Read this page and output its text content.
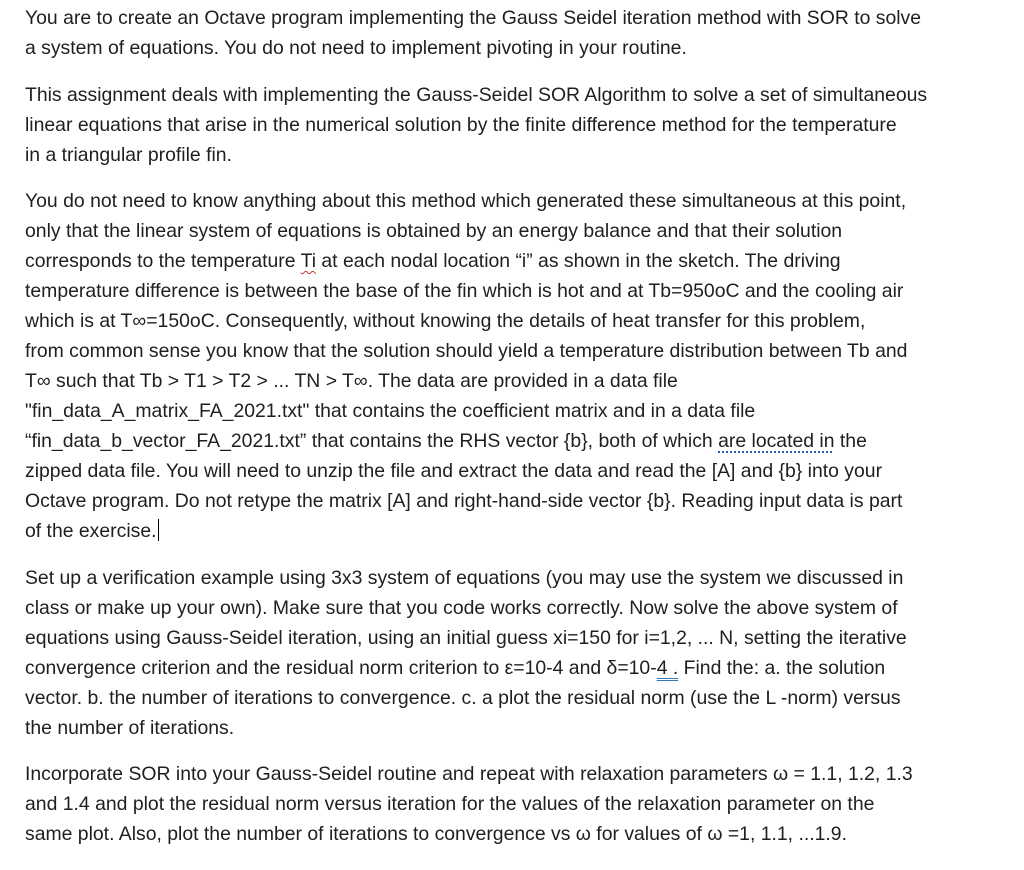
You are to create an Octave program implementing the Gauss Seidel iteration method with SOR to solve
a system of equations. You do not need to implement pivoting in your routine.
This assignment deals with implementing the Gauss-Seidel SOR Algorithm to solve a set of simultaneous
linear equations that arise in the numerical solution by the finite difference method for the temperature
in a triangular profile fin.
You do not need to know anything about this method which generated these simultaneous at this point,
only that the linear system of equations is obtained by an energy balance and that their solution
corresponds to the temperature Ti at each nodal location “i” as shown in the sketch. The driving
temperature difference is between the base of the fin which is hot and at Tb=950oC and the cooling air
which is at T∞=150oC. Consequently, without knowing the details of heat transfer for this problem,
from common sense you know that the solution should yield a temperature distribution between Tb and
T∞ such that Tb > T1 > T2 > ... TN > T∞. The data are provided in a data file
"fin_data_A_matrix_FA_2021.txt" that contains the coefficient matrix and in a data file
“fin_data_b_vector_FA_2021.txt” that contains the RHS vector {b}, both of which are located in the
zipped data file. You will need to unzip the file and extract the data and read the [A] and {b} into your
Octave program. Do not retype the matrix [A] and right-hand-side vector {b}. Reading input data is part
of the exercise.
Set up a verification example using 3x3 system of equations (you may use the system we discussed in
class or make up your own). Make sure that you code works correctly. Now solve the above system of
equations using Gauss-Seidel iteration, using an initial guess xi=150 for i=1,2, ... N, setting the iterative
convergence criterion and the residual norm criterion to ε=10-4 and δ=10-4 . Find the: a. the solution
vector. b. the number of iterations to convergence. c. a plot the residual norm (use the L -norm) versus
the number of iterations.
Incorporate SOR into your Gauss-Seidel routine and repeat with relaxation parameters ω = 1.1, 1.2, 1.3
and 1.4 and plot the residual norm versus iteration for the values of the relaxation parameter on the
same plot. Also, plot the number of iterations to convergence vs ω for values of ω =1, 1.1, ...1.9.
